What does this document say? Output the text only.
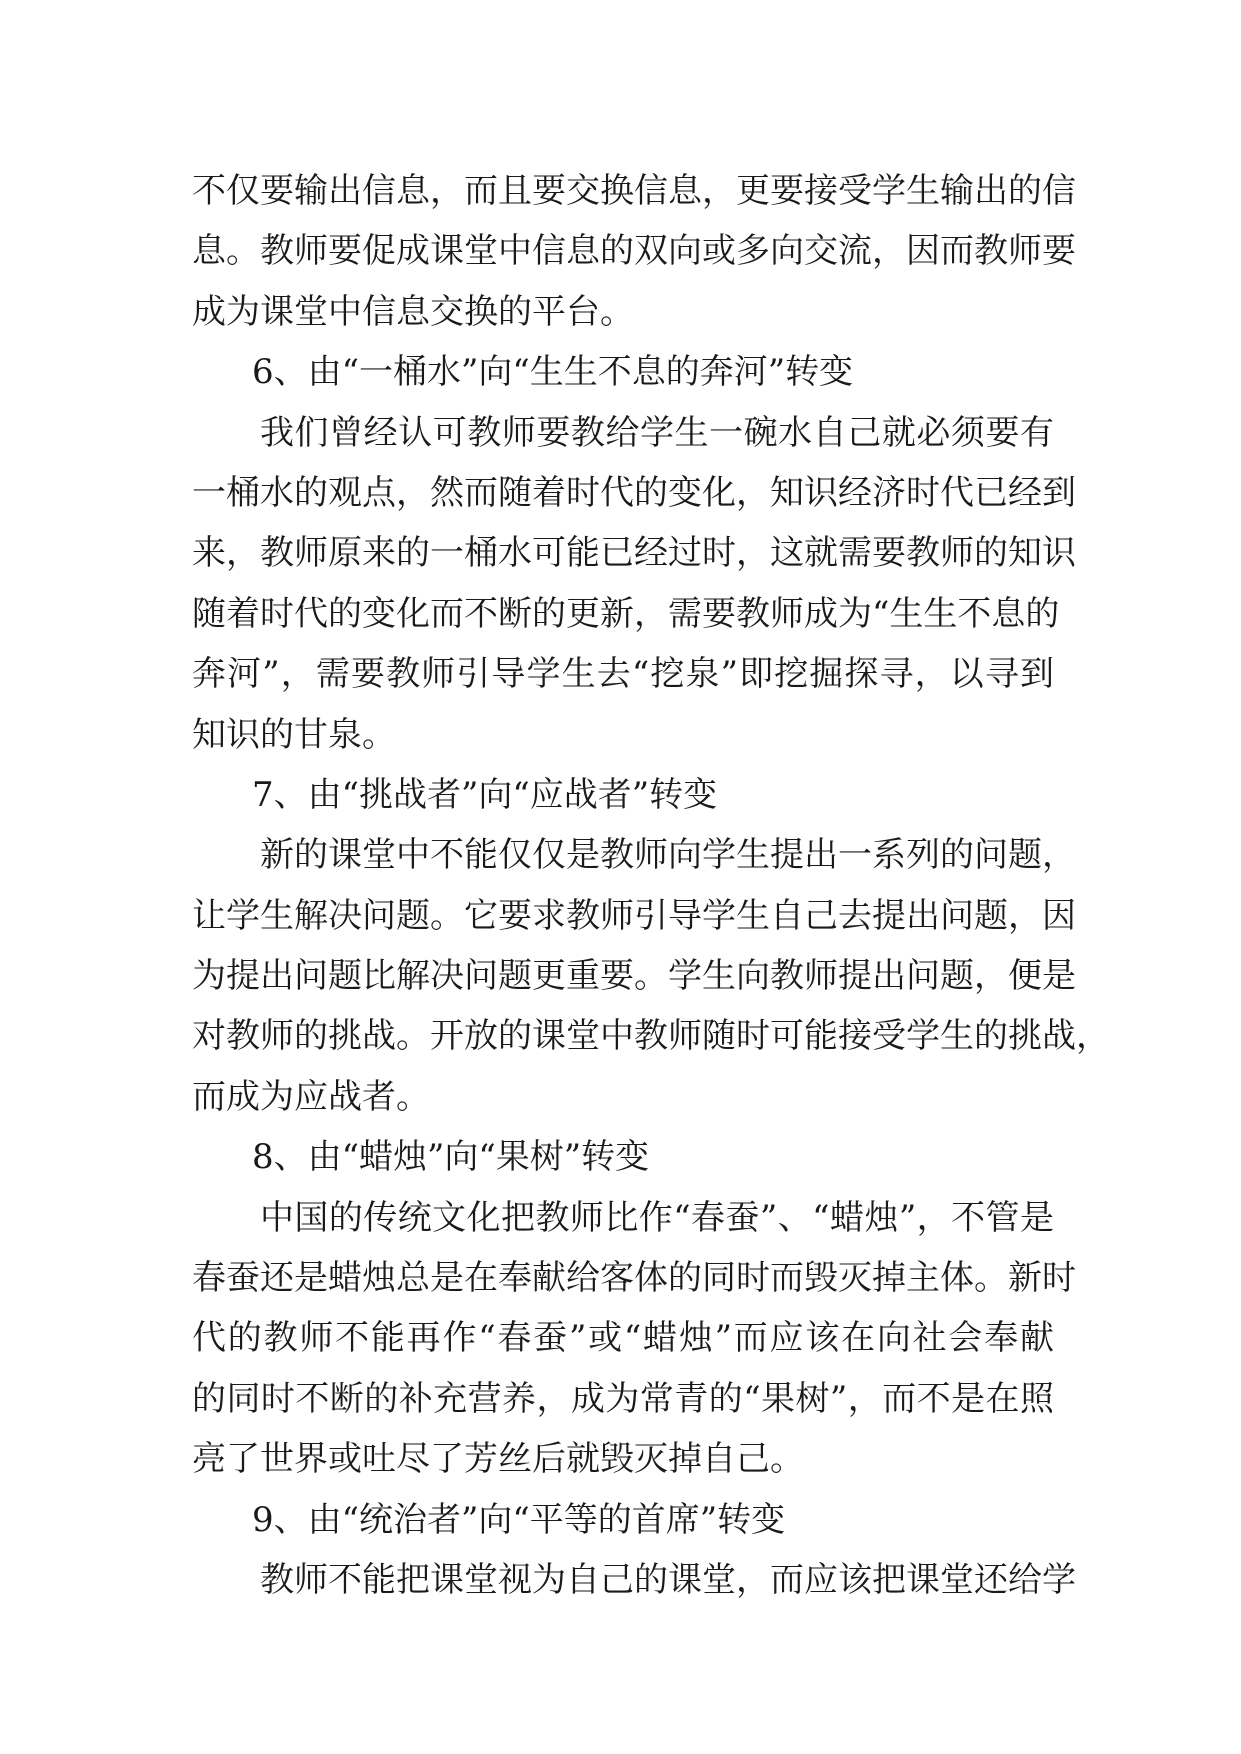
不仅要输出信息，而且要交换信息，更要接受学生输出的信
息。教师要促成课堂中信息的双向或多向交流，因而教师要
成为课堂中信息交换的平台。
6、由“一桶水”向“生生不息的奔河”转变
我们曾经认可教师要教给学生一碗水自己就必须要有
一桶水的观点，然而随着时代的变化，知识经济时代已经到
来，教师原来的一桶水可能已经过时，这就需要教师的知识
随着时代的变化而不断的更新，需要教师成为“生生不息的
奔河”，需要教师引导学生去“挖泉”即挖掘探寻，以寻到
知识的甘泉。
7、由“挑战者”向“应战者”转变
新的课堂中不能仅仅是教师向学生提出一系列的问题，
让学生解决问题。它要求教师引导学生自己去提出问题，因
为提出问题比解决问题更重要。学生向教师提出问题，便是
对教师的挑战。开放的课堂中教师随时可能接受学生的挑战，
而成为应战者。
8、由“蜡烛”向“果树”转变
中国的传统文化把教师比作“春蚕”、“蜡烛”，不管是
春蚕还是蜡烛总是在奉献给客体的同时而毁灭掉主体。新时
代的教师不能再作“春蚕”或“蜡烛”而应该在向社会奉献
的同时不断的补充营养，成为常青的“果树”，而不是在照
亮了世界或吐尽了芳丝后就毁灭掉自己。
9、由“统治者”向“平等的首席”转变
教师不能把课堂视为自己的课堂，而应该把课堂还给学
